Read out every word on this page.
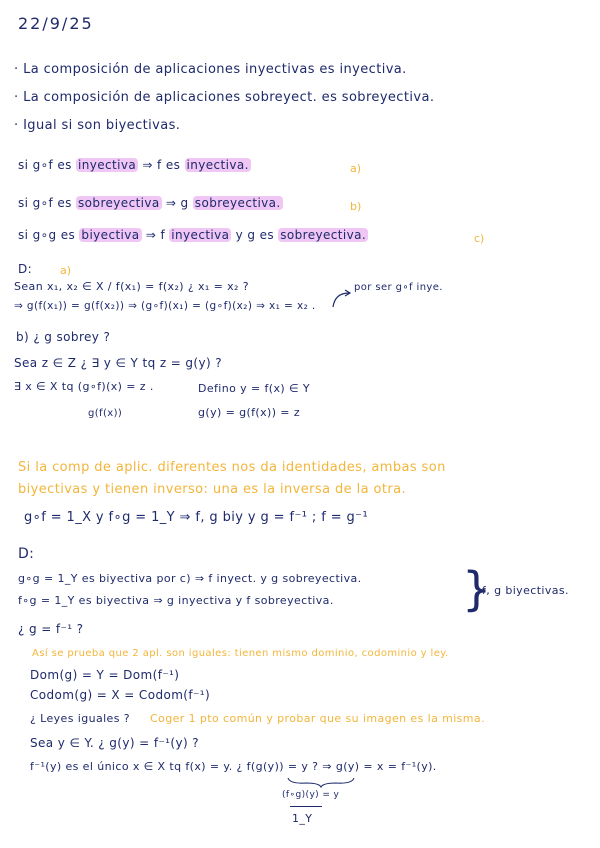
22/9/25
· La composición de aplicaciones inyectivas es inyectiva.
· La composición de aplicaciones sobreyect. es sobreyectiva.
· Igual si son biyectivas.
si g∘f es inyectiva ⇒ f es inyectiva.	a)
si g∘f es sobreyectiva ⇒ g sobreyectiva.	b)
si g∘g es biyectiva ⇒ f inyectiva y g es sobreyectiva.	c)
D:	a)
Sean x₁, x₂ ∈ X / f(x₁) = f(x₂) ¿ x₁ = x₂ ?	por ser g∘f inye.
⇒ g(f(x₁)) = g(f(x₂)) ⇒ (g∘f)(x₁) = (g∘f)(x₂) ⇒ x₁ = x₂ .
b) ¿ g sobrey ?
Sea z ∈ Z ¿ ∃ y ∈ Y tq z = g(y) ?
∃ x ∈ X tq (g∘f)(x) = z .	Defino y = f(x) ∈ Y
g(f(x))	g(y) = g(f(x)) = z
Si la comp de aplic. diferentes nos da identidades, ambas son
biyectivas y tienen inverso: una es la inversa de la otra.
g∘f = 1_X y f∘g = 1_Y ⇒ f, g biy y g = f⁻¹ ; f = g⁻¹
D:
g∘g = 1_Y es biyectiva por c) ⇒ f inyect. y g sobreyectiva.
f∘g = 1_Y es biyectiva ⇒ g inyectiva y f sobreyectiva.	}
f, g biyectivas.
¿ g = f⁻¹ ?
Así se prueba que 2 apl. son iguales: tienen mismo dominio, codominio y ley.
Dom(g) = Y = Dom(f⁻¹)
Codom(g) = X = Codom(f⁻¹)
¿ Leyes iguales ? Coger 1 pto común y probar que su imagen es la misma.
Sea y ∈ Y. ¿ g(y) = f⁻¹(y) ?
f⁻¹(y) es el único x ∈ X tq f(x) = y. ¿ f(g(y)) = y ? ⇒ g(y) = x = f⁻¹(y).
(f∘g)(y) = y
1_Y
